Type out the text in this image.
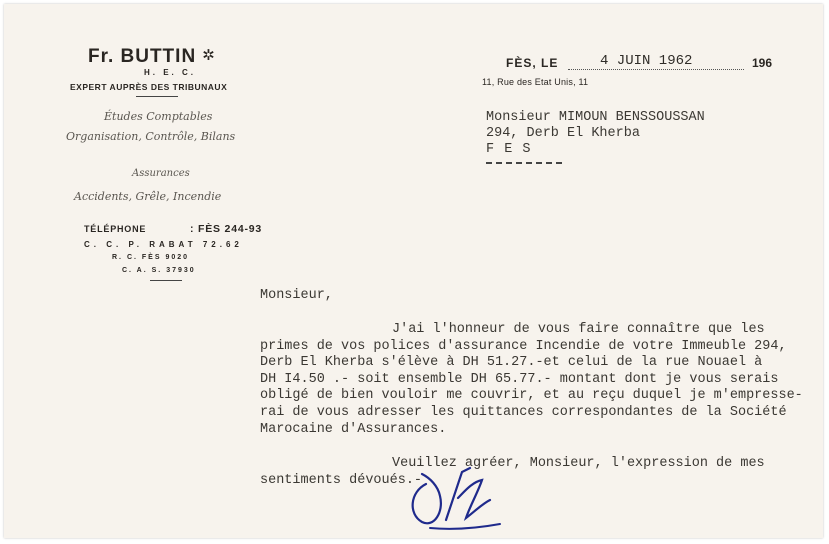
Fr. BUTTIN ✲
H. E. C.
EXPERT AUPRÈS DES TRIBUNAUX
Études Comptables
Organisation, Contrôle, Bilans
Assurances
Accidents, Grêle, Incendie
TÉLÉPHONE	: FÈS 244-93
C. C. P. RABAT 72.62
R. C. FÈS 9020
C. A. S. 37930
FÈS, LE	4 JUIN 1962	196
11, Rue des Etat Unis, 11
Monsieur MIMOUN BENSSOUSSAN
294, Derb El Kherba
F E S
Monsieur,
J'ai l'honneur de vous faire connaître que les
primes de vos polices d'assurance Incendie de votre Immeuble 294,
Derb El Kherba s'élève à DH 51.27.-et celui de la rue Nouael à
DH I4.50 .- soit ensemble DH 65.77.- montant dont je vous serais
obligé de bien vouloir me couvrir, et au reçu duquel je m'empresse-
rai de vous adresser les quittances correspondantes de la Société
Marocaine d'Assurances.
Veuillez agréer, Monsieur, l'expression de mes
sentiments dévoués.-
